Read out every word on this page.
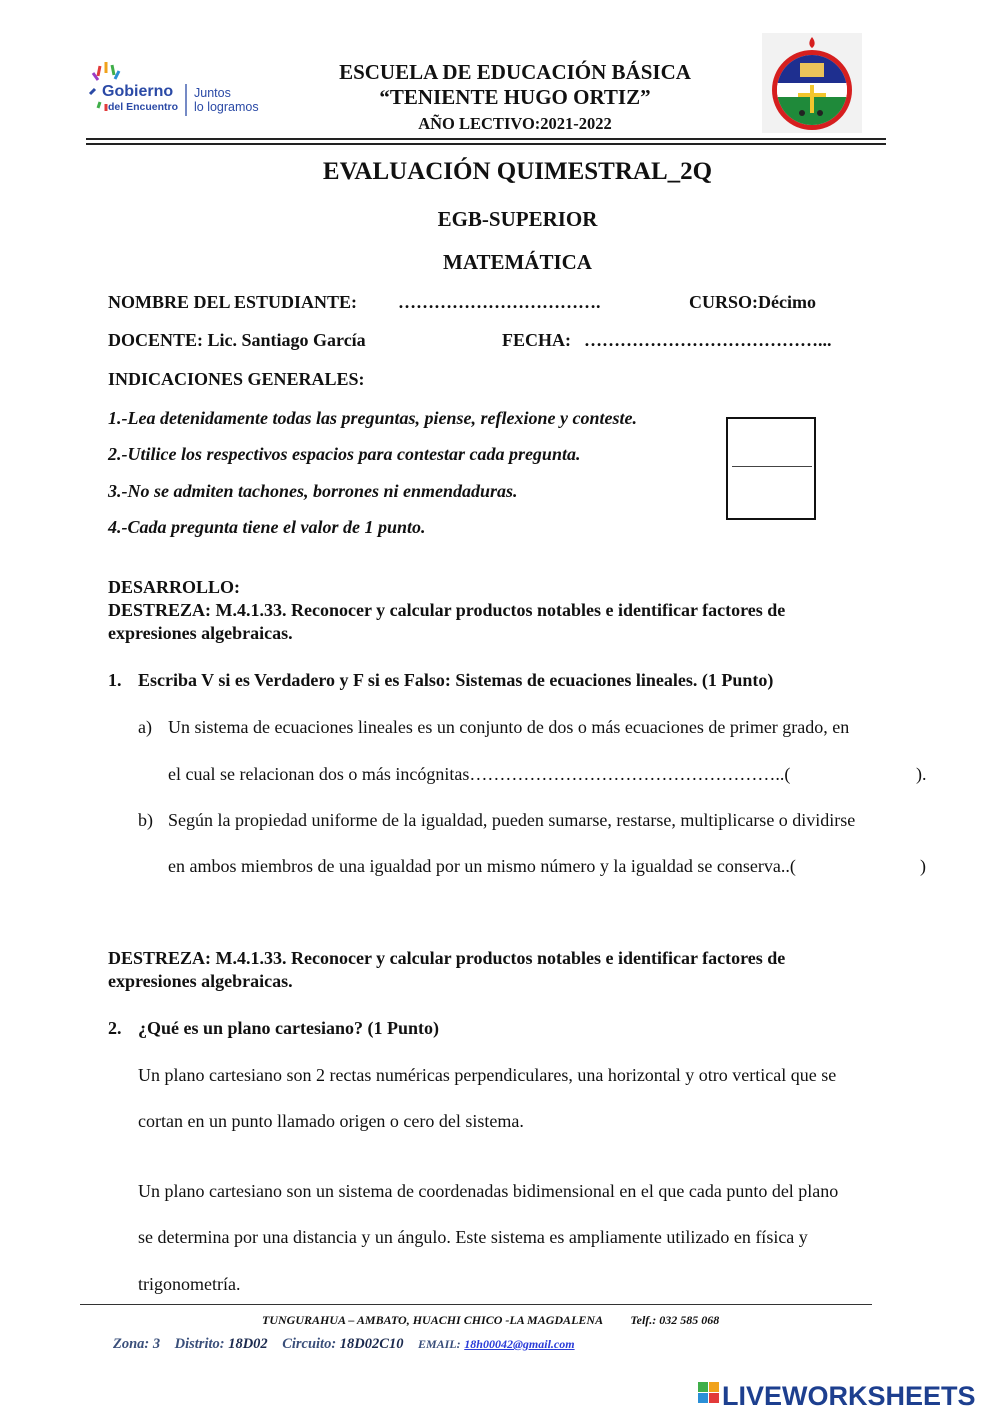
Gobierno
del Encuentro
Juntos
lo logramos
ESCUELA DE EDUCACIÓN BÁSICA
“TENIENTE HUGO ORTIZ”
AÑO LECTIVO:2021-2022
EVALUACIÓN QUIMESTRAL_2Q
EGB-SUPERIOR
MATEMÁTICA
NOMBRE DEL ESTUDIANTE: …………………………….	CURSO:Décimo
DOCENTE: Lic. Santiago García	FECHA: …………………………………...
INDICACIONES GENERALES:
1.-Lea detenidamente todas las preguntas, piense, reflexione y conteste.
2.-Utilice los respectivos espacios para contestar cada pregunta.
3.-No se admiten tachones, borrones ni enmendaduras.
4.-Cada pregunta tiene el valor de 1 punto.
DESARROLLO:
DESTREZA: M.4.1.33. Reconocer y calcular productos notables e identificar factores de
expresiones algebraicas.
1. Escriba V si es Verdadero y F si es Falso: Sistemas de ecuaciones lineales. (1 Punto)
a) Un sistema de ecuaciones lineales es un conjunto de dos o más ecuaciones de primer grado, en
el cual se relacionan dos o más incógnitas……………………………………………..(	).
b) Según la propiedad uniforme de la igualdad, pueden sumarse, restarse, multiplicarse o dividirse
en ambos miembros de una igualdad por un mismo número y la igualdad se conserva..(	)
DESTREZA: M.4.1.33. Reconocer y calcular productos notables e identificar factores de
expresiones algebraicas.
2. ¿Qué es un plano cartesiano? (1 Punto)
Un plano cartesiano son 2 rectas numéricas perpendiculares, una horizontal y otro vertical que se
cortan en un punto llamado origen o cero del sistema.
Un plano cartesiano son un sistema de coordenadas bidimensional en el que cada punto del plano
se determina por una distancia y un ángulo. Este sistema es ampliamente utilizado en física y
trigonometría.
TUNGURAHUA – AMBATO, HUACHI CHICO -LA MAGDALENA Telf.: 032 585 068
Zona: 3 Distrito: 18D02 Circuito: 18D02C10 EMAIL: 18h00042@gmail.com
LIVEWORKSHEETS
